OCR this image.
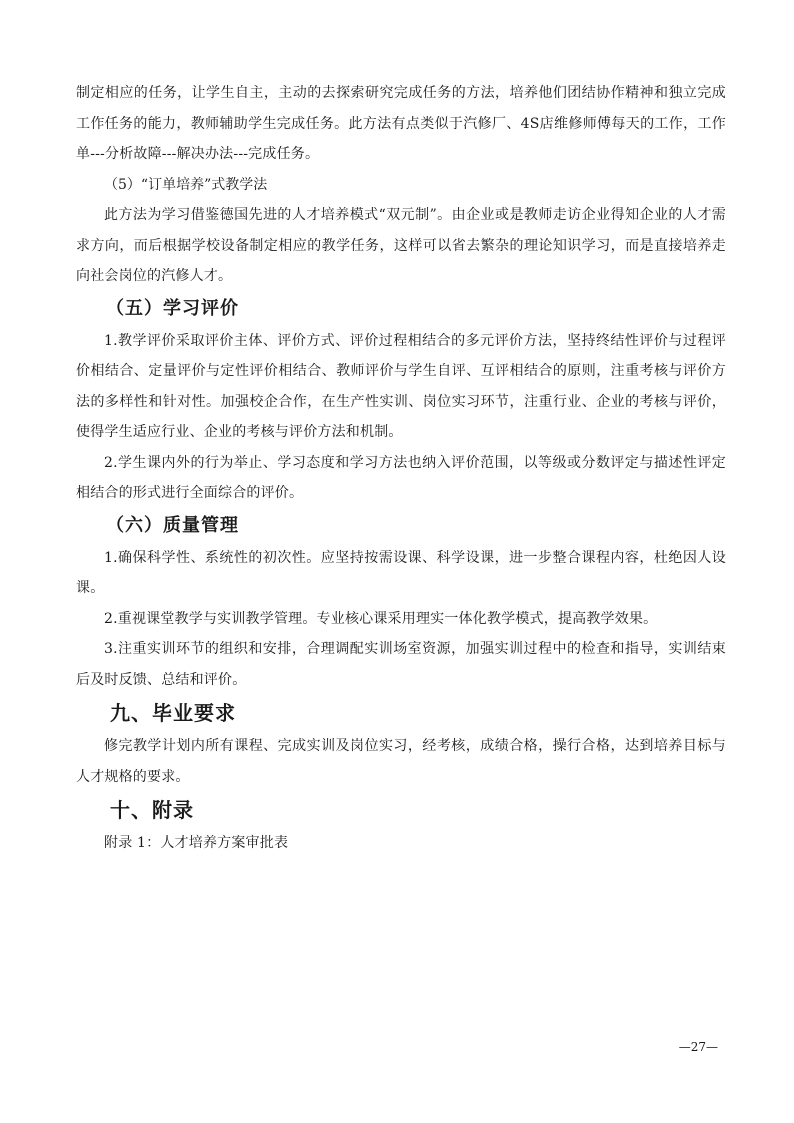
制定相应的任务，让学生自主，主动的去探索研究完成任务的方法，培养他们团结协作精神和独立完成工作任务的能力，教师辅助学生完成任务。此方法有点类似于汽修厂、4S店维修师傅每天的工作，工作单---分析故障---解决办法---完成任务。

（5）“订单培养”式教学法

此方法为学习借鉴德国先进的人才培养模式“双元制”。由企业或是教师走访企业得知企业的人才需求方向，而后根据学校设备制定相应的教学任务，这样可以省去繁杂的理论知识学习，而是直接培养走向社会岗位的汽修人才。

（五）学习评价

1.教学评价采取评价主体、评价方式、评价过程相结合的多元评价方法，坚持终结性评价与过程评价相结合、定量评价与定性评价相结合、教师评价与学生自评、互评相结合的原则，注重考核与评价方法的多样性和针对性。加强校企合作，在生产性实训、岗位实习环节，注重行业、企业的考核与评价，使得学生适应行业、企业的考核与评价方法和机制。

2.学生课内外的行为举止、学习态度和学习方法也纳入评价范围，以等级或分数评定与描述性评定相结合的形式进行全面综合的评价。

（六）质量管理

1.确保科学性、系统性的初次性。应坚持按需设课、科学设课，进一步整合课程内容，杜绝因人设课。

2.重视课堂教学与实训教学管理。专业核心课采用理实一体化教学模式，提高教学效果。

3.注重实训环节的组织和安排，合理调配实训场室资源，加强实训过程中的检查和指导，实训结束后及时反馈、总结和评价。

九、毕业要求

修完教学计划内所有课程、完成实训及岗位实习，经考核，成绩合格，操行合格，达到培养目标与人才规格的要求。

十、附录

附录 1：人才培养方案审批表

—27—
